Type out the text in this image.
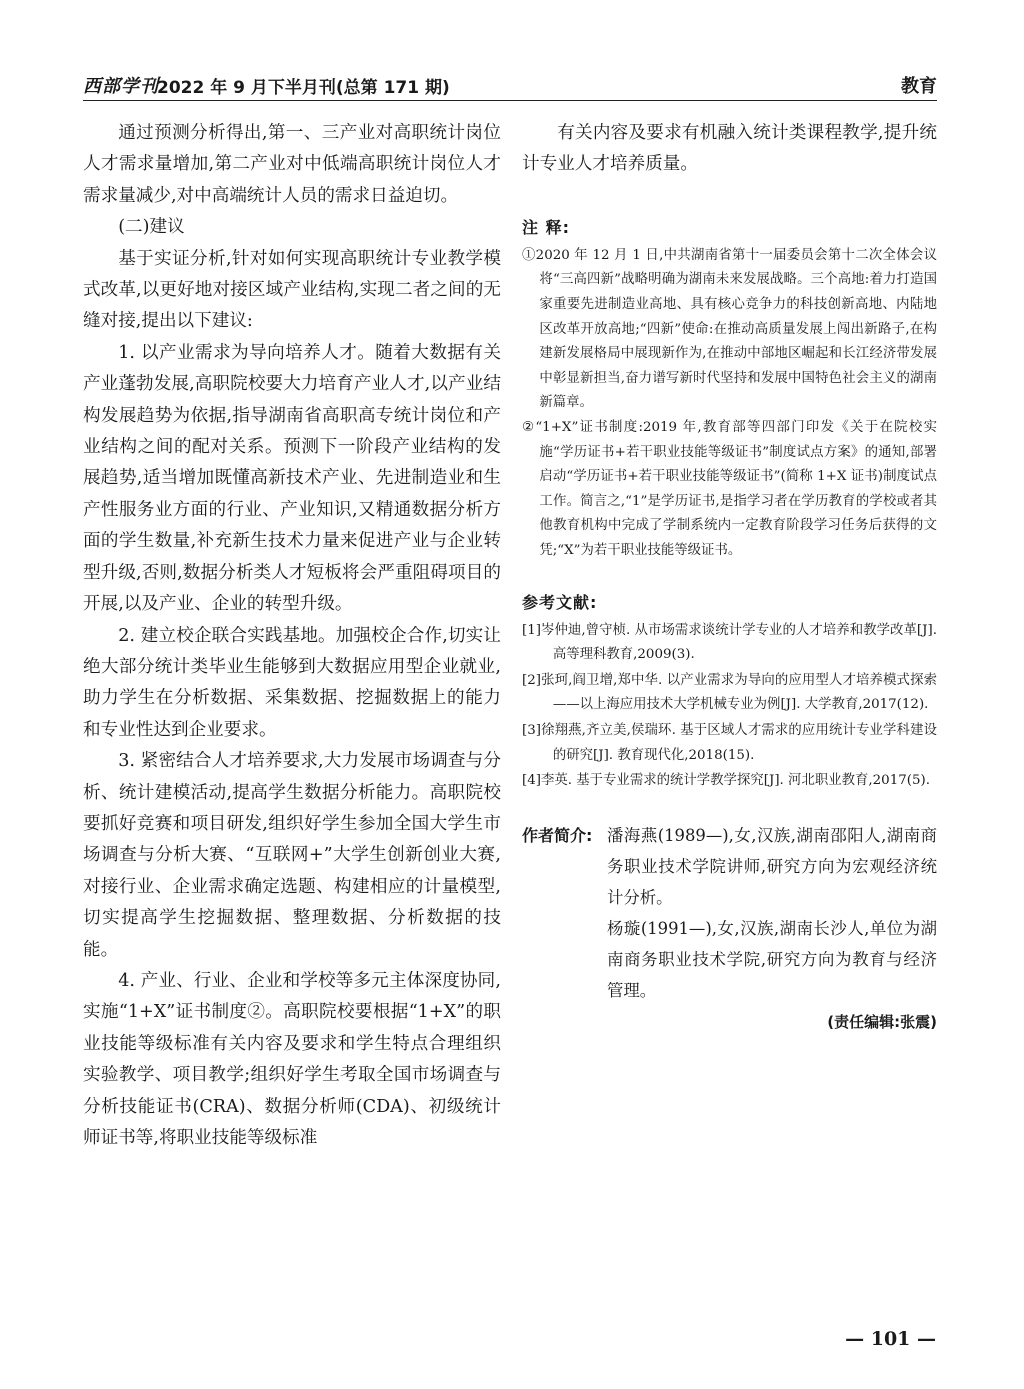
西部学刊
2022 年 9 月下半月刊(总第 171 期)	教育

通过预测分析得出,第一、三产业对高职统计岗位人才需求量增加,第二产业对中低端高职统计岗位人才需求量减少,对中高端统计人员的需求日益迫切。

(二)建议

基于实证分析,针对如何实现高职统计专业教学模式改革,以更好地对接区域产业结构,实现二者之间的无缝对接,提出以下建议:

1. 以产业需求为导向培养人才。随着大数据有关产业蓬勃发展,高职院校要大力培育产业人才,以产业结构发展趋势为依据,指导湖南省高职高专统计岗位和产业结构之间的配对关系。预测下一阶段产业结构的发展趋势,适当增加既懂高新技术产业、先进制造业和生产性服务业方面的行业、产业知识,又精通数据分析方面的学生数量,补充新生技术力量来促进产业与企业转型升级,否则,数据分析类人才短板将会严重阻碍项目的开展,以及产业、企业的转型升级。

2. 建立校企联合实践基地。加强校企合作,切实让绝大部分统计类毕业生能够到大数据应用型企业就业,助力学生在分析数据、采集数据、挖掘数据上的能力和专业性达到企业要求。

3. 紧密结合人才培养要求,大力发展市场调查与分析、统计建模活动,提高学生数据分析能力。高职院校要抓好竞赛和项目研发,组织好学生参加全国大学生市场调查与分析大赛、“互联网+”大学生创新创业大赛,对接行业、企业需求确定选题、构建相应的计量模型,切实提高学生挖掘数据、整理数据、分析数据的技能。

4. 产业、行业、企业和学校等多元主体深度协同,实施“1+X”证书制度②。高职院校要根据“1+X”的职业技能等级标准有关内容及要求和学生特点合理组织实验教学、项目教学;组织好学生考取全国市场调查与分析技能证书(CRA)、数据分析师(CDA)、初级统计师证书等,将职业技能等级标准

有关内容及要求有机融入统计类课程教学,提升统计专业人才培养质量。

注 释:

①2020 年 12 月 1 日,中共湖南省第十一届委员会第十二次全体会议将“三高四新”战略明确为湖南未来发展战略。三个高地:着力打造国家重要先进制造业高地、具有核心竞争力的科技创新高地、内陆地区改革开放高地;“四新”使命:在推动高质量发展上闯出新路子,在构建新发展格局中展现新作为,在推动中部地区崛起和长江经济带发展中彰显新担当,奋力谱写新时代坚持和发展中国特色社会主义的湖南新篇章。

②“1+X”证书制度:2019 年,教育部等四部门印发《关于在院校实施“学历证书+若干职业技能等级证书”制度试点方案》的通知,部署启动“学历证书+若干职业技能等级证书”(简称 1+X 证书)制度试点工作。简言之,“1”是学历证书,是指学习者在学历教育的学校或者其他教育机构中完成了学制系统内一定教育阶段学习任务后获得的文凭;“X”为若干职业技能等级证书。

参考文献:

[1]岑仲迪,曾守桢. 从市场需求谈统计学专业的人才培养和教学改革[J]. 高等理科教育,2009(3).

[2]张珂,阎卫增,郑中华. 以产业需求为导向的应用型人才培养模式探索——以上海应用技术大学机械专业为例[J]. 大学教育,2017(12).

[3]徐翔燕,齐立美,侯瑞环. 基于区域人才需求的应用统计专业学科建设的研究[J]. 教育现代化,2018(15).

[4]李英. 基于专业需求的统计学教学探究[J]. 河北职业教育,2017(5).

作者简介: 潘海燕(1989—),女,汉族,湖南邵阳人,湖南商务职业技术学院讲师,研究方向为宏观经济统计分析。

杨璇(1991—),女,汉族,湖南长沙人,单位为湖南商务职业技术学院,研究方向为教育与经济管理。

(责任编辑:张震)
— 101 —
